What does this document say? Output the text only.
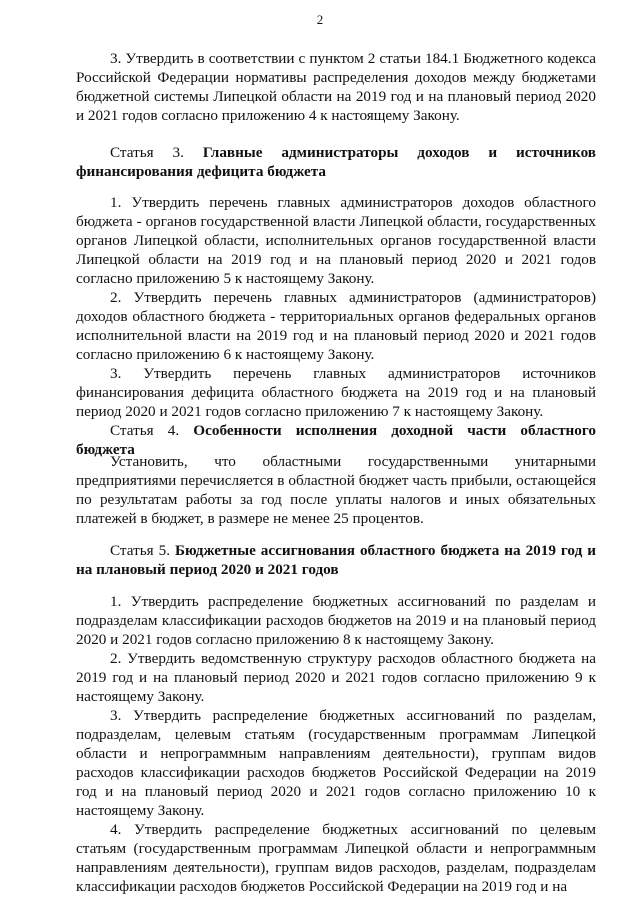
2

3. Утвердить в соответствии с пунктом 2 статьи 184.1 Бюджетного кодекса Российской Федерации нормативы распределения доходов между бюджетами бюджетной системы Липецкой области на 2019 год и на плановый период 2020 и 2021 годов согласно приложению 4 к настоящему Закону.

Статья 3. Главные администраторы доходов и источников финансирования дефицита бюджета

1. Утвердить перечень главных администраторов доходов областного бюджета - органов государственной власти Липецкой области, государственных органов Липецкой области, исполнительных органов государственной власти Липецкой области на 2019 год и на плановый период 2020 и 2021 годов согласно приложению 5 к настоящему Закону.

2. Утвердить перечень главных администраторов (администраторов) доходов областного бюджета - территориальных органов федеральных органов исполнительной власти на 2019 год и на плановый период 2020 и 2021 годов согласно приложению 6 к настоящему Закону.

3. Утвердить перечень главных администраторов источников финансирования дефицита областного бюджета на 2019 год и на плановый период 2020 и 2021 годов согласно приложению 7 к настоящему Закону.

Статья 4. Особенности исполнения доходной части областного бюджета

Установить, что областными государственными унитарными предприятиями перечисляется в областной бюджет часть прибыли, остающейся по результатам работы за год после уплаты налогов и иных обязательных платежей в бюджет, в размере не менее 25 процентов.

Статья 5. Бюджетные ассигнования областного бюджета на 2019 год и на плановый период 2020 и 2021 годов

1. Утвердить распределение бюджетных ассигнований по разделам и подразделам классификации расходов бюджетов на 2019 и на плановый период 2020 и 2021 годов согласно приложению 8 к настоящему Закону.

2. Утвердить ведомственную структуру расходов областного бюджета на 2019 год и на плановый период 2020 и 2021 годов согласно приложению 9 к настоящему Закону.

3. Утвердить распределение бюджетных ассигнований по разделам, подразделам, целевым статьям (государственным программам Липецкой области и непрограммным направлениям деятельности), группам видов расходов классификации расходов бюджетов Российской Федерации на 2019 год и на плановый период 2020 и 2021 годов согласно приложению 10 к настоящему Закону.

4. Утвердить распределение бюджетных ассигнований по целевым статьям (государственным программам Липецкой области и непрограммным направлениям деятельности), группам видов расходов, разделам, подразделам классификации расходов бюджетов Российской Федерации на 2019 год и на
